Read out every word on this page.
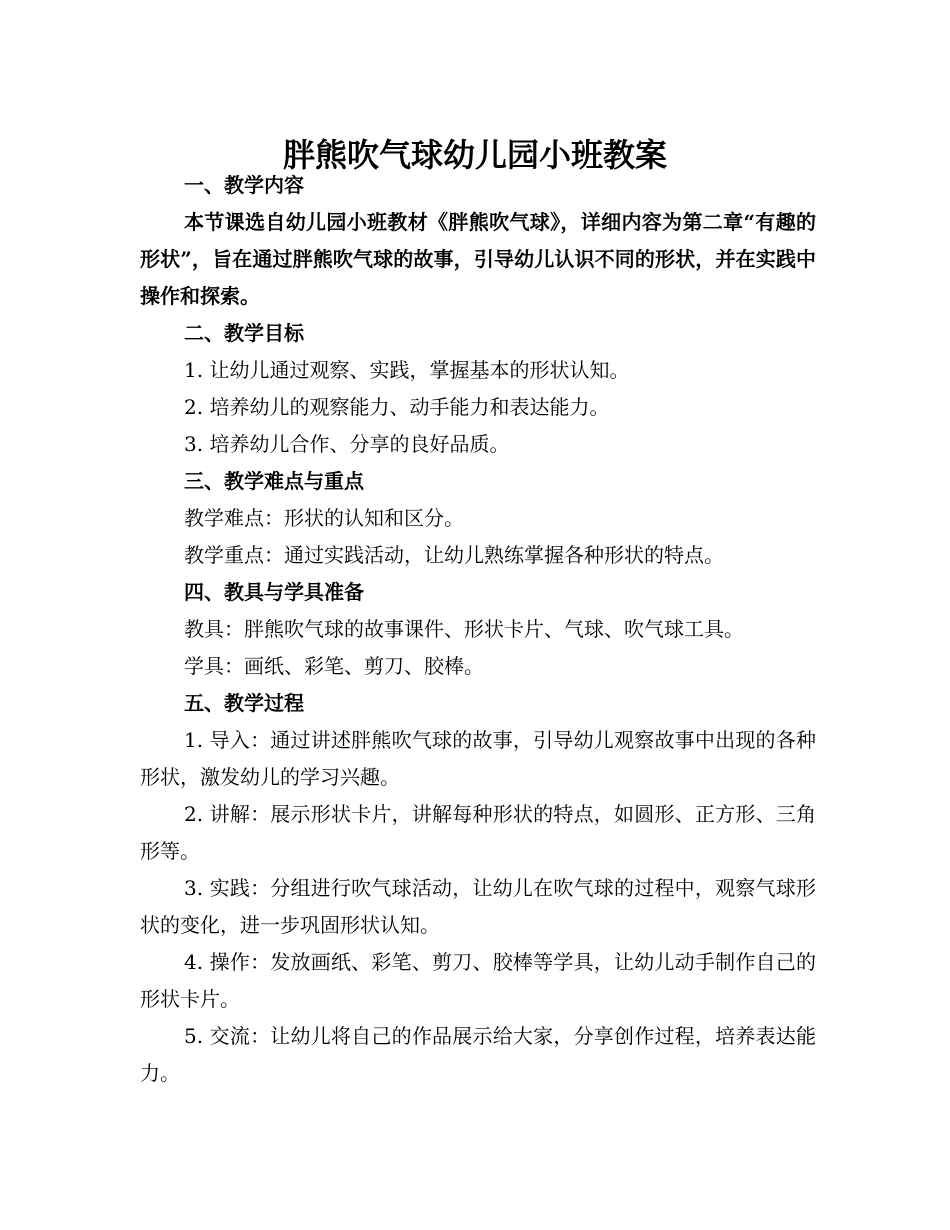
胖熊吹气球幼儿园小班教案

一、教学内容

本节课选自幼儿园小班教材《胖熊吹气球》，详细内容为第二章“有趣的形状”，旨在通过胖熊吹气球的故事，引导幼儿认识不同的形状，并在实践中操作和探索。

二、教学目标

1. 让幼儿通过观察、实践，掌握基本的形状认知。

2. 培养幼儿的观察能力、动手能力和表达能力。

3. 培养幼儿合作、分享的良好品质。

三、教学难点与重点

教学难点：形状的认知和区分。

教学重点：通过实践活动，让幼儿熟练掌握各种形状的特点。

四、教具与学具准备

教具：胖熊吹气球的故事课件、形状卡片、气球、吹气球工具。

学具：画纸、彩笔、剪刀、胶棒。

五、教学过程

1. 导入：通过讲述胖熊吹气球的故事，引导幼儿观察故事中出现的各种形状，激发幼儿的学习兴趣。

2. 讲解：展示形状卡片，讲解每种形状的特点，如圆形、正方形、三角形等。

3. 实践：分组进行吹气球活动，让幼儿在吹气球的过程中，观察气球形状的变化，进一步巩固形状认知。

4. 操作：发放画纸、彩笔、剪刀、胶棒等学具，让幼儿动手制作自己的形状卡片。

5. 交流：让幼儿将自己的作品展示给大家，分享创作过程，培养表达能力。
